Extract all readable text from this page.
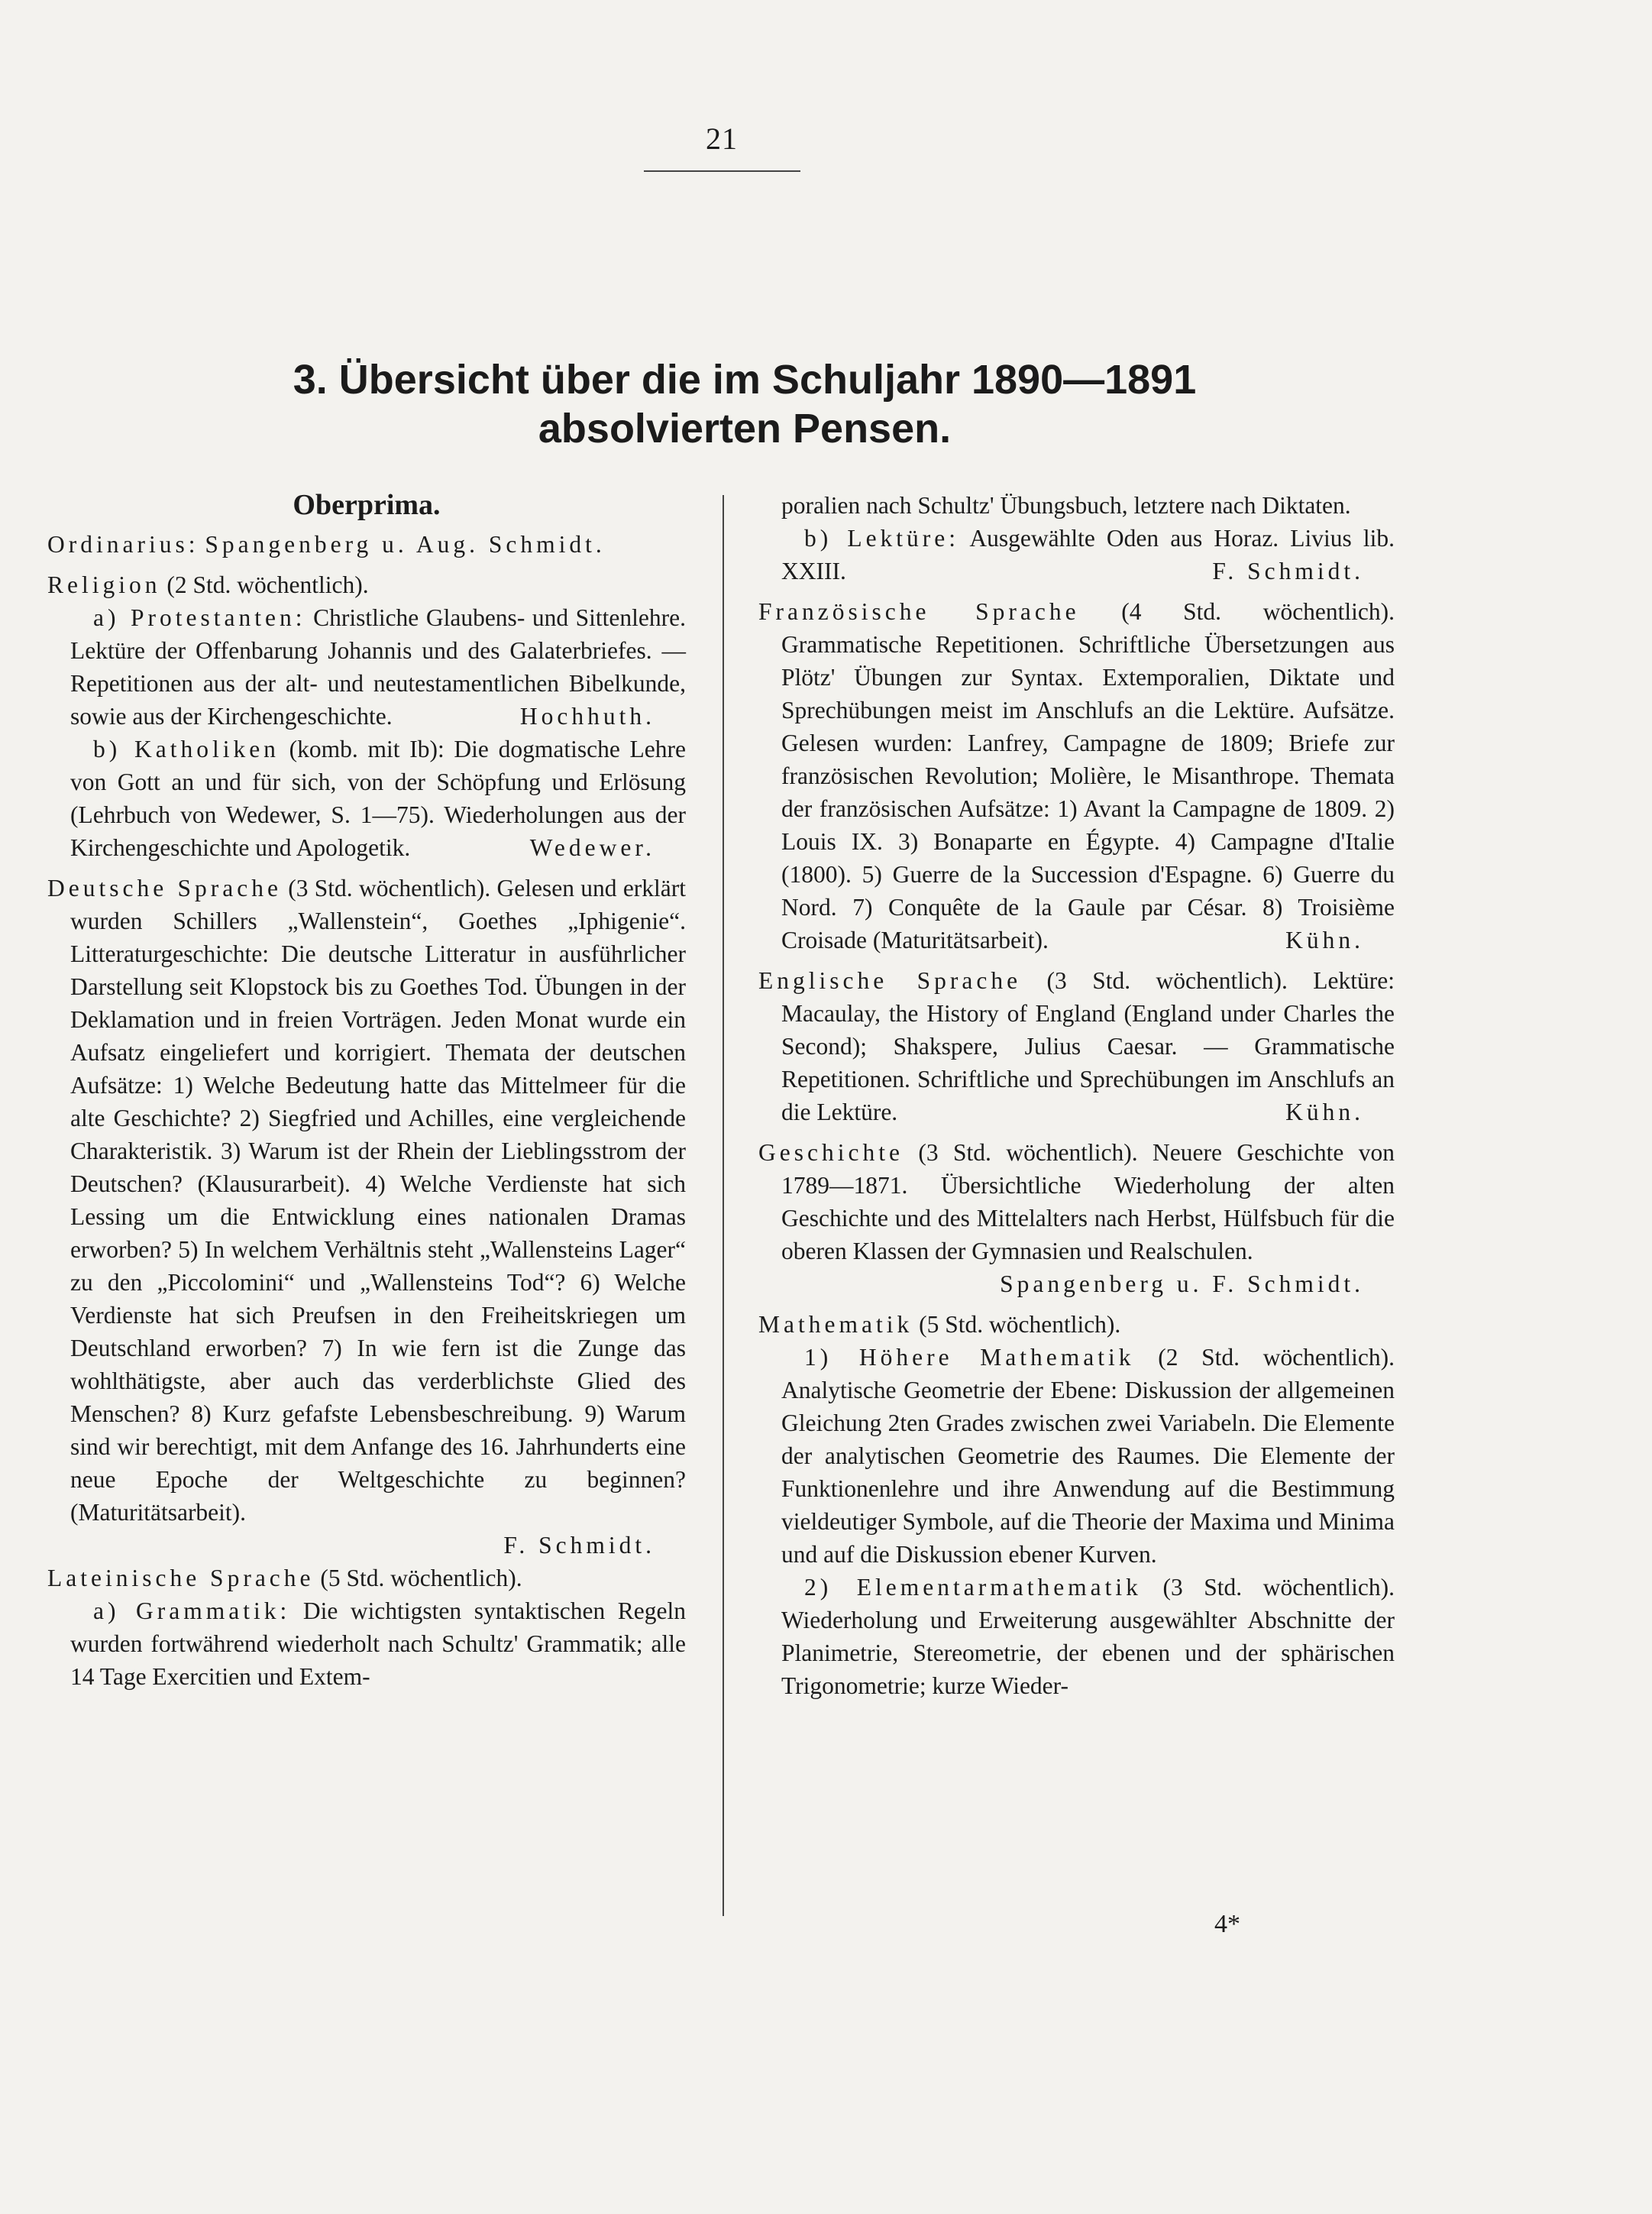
21
3. Übersicht über die im Schuljahr 1890—1891
absolvierten Pensen.
Oberprima.

Ordinarius: Spangenberg u. Aug. Schmidt.

Religion (2 Std. wöchentlich).

a) Protestanten: Christliche Glaubens- und Sittenlehre. Lektüre der Offenbarung Johannis und des Galaterbriefes. — Repetitionen aus der alt- und neutestamentlichen Bibelkunde, sowie aus der Kirchengeschichte.	Hochhuth.

b) Katholiken (komb. mit Ib): Die dogmatische Lehre von Gott an und für sich, von der Schöpfung und Erlösung (Lehrbuch von Wedewer, S. 1—75). Wiederholungen aus der Kirchengeschichte und Apologetik.	Wedewer.

Deutsche Sprache (3 Std. wöchentlich). Gelesen und erklärt wurden Schillers „Wallenstein“, Goethes „Iphigenie“. Litteraturgeschichte: Die deutsche Litteratur in ausführlicher Darstellung seit Klopstock bis zu Goethes Tod. Übungen in der Deklamation und in freien Vorträgen. Jeden Monat wurde ein Aufsatz eingeliefert und korrigiert. Themata der deutschen Aufsätze: 1) Welche Bedeutung hatte das Mittelmeer für die alte Geschichte? 2) Siegfried und Achilles, eine vergleichende Charakteristik. 3) Warum ist der Rhein der Lieblingsstrom der Deutschen? (Klausurarbeit). 4) Welche Verdienste hat sich Lessing um die Entwicklung eines nationalen Dramas erworben? 5) In welchem Verhältnis steht „Wallensteins Lager“ zu den „Piccolomini“ und „Wallensteins Tod“? 6) Welche Verdienste hat sich Preufsen in den Freiheitskriegen um Deutschland erworben? 7) In wie fern ist die Zunge das wohlthätigste, aber auch das verderblichste Glied des Menschen? 8) Kurz gefafste Lebensbeschreibung. 9) Warum sind wir berechtigt, mit dem Anfange des 16. Jahrhunderts eine neue Epoche der Weltgeschichte zu beginnen? (Maturitätsarbeit).

F. Schmidt.

Lateinische Sprache (5 Std. wöchentlich).

a) Grammatik: Die wichtigsten syntaktischen Regeln wurden fortwährend wiederholt nach Schultz' Grammatik; alle 14 Tage Exercitien und Extem-

poralien nach Schultz' Übungsbuch, letztere nach Diktaten.

b) Lektüre: Ausgewählte Oden aus Horaz. Livius lib. XXIII.	F. Schmidt.

Französische Sprache (4 Std. wöchentlich). Grammatische Repetitionen. Schriftliche Übersetzungen aus Plötz' Übungen zur Syntax. Extemporalien, Diktate und Sprechübungen meist im Anschlufs an die Lektüre. Aufsätze. Gelesen wurden: Lanfrey, Campagne de 1809; Briefe zur französischen Revolution; Molière, le Misanthrope. Themata der französischen Aufsätze: 1) Avant la Campagne de 1809. 2) Louis IX. 3) Bonaparte en Égypte. 4) Campagne d'Italie (1800). 5) Guerre de la Succession d'Espagne. 6) Guerre du Nord. 7) Conquête de la Gaule par César. 8) Troisième Croisade (Maturitätsarbeit).	Kühn.

Englische Sprache (3 Std. wöchentlich). Lektüre: Macaulay, the History of England (England under Charles the Second); Shakspere, Julius Caesar. — Grammatische Repetitionen. Schriftliche und Sprechübungen im Anschlufs an die Lektüre.	Kühn.

Geschichte (3 Std. wöchentlich). Neuere Geschichte von 1789—1871. Übersichtliche Wiederholung der alten Geschichte und des Mittelalters nach Herbst, Hülfsbuch für die oberen Klassen der Gymnasien und Realschulen.

Spangenberg u. F. Schmidt.

Mathematik (5 Std. wöchentlich).

1) Höhere Mathematik (2 Std. wöchentlich). Analytische Geometrie der Ebene: Diskussion der allgemeinen Gleichung 2ten Grades zwischen zwei Variabeln. Die Elemente der analytischen Geometrie des Raumes. Die Elemente der Funktionenlehre und ihre Anwendung auf die Bestimmung vieldeutiger Symbole, auf die Theorie der Maxima und Minima und auf die Diskussion ebener Kurven.

2) Elementarmathematik (3 Std. wöchentlich). Wiederholung und Erweiterung ausgewählter Abschnitte der Planimetrie, Stereometrie, der ebenen und der sphärischen Trigonometrie; kurze Wieder-

4*
